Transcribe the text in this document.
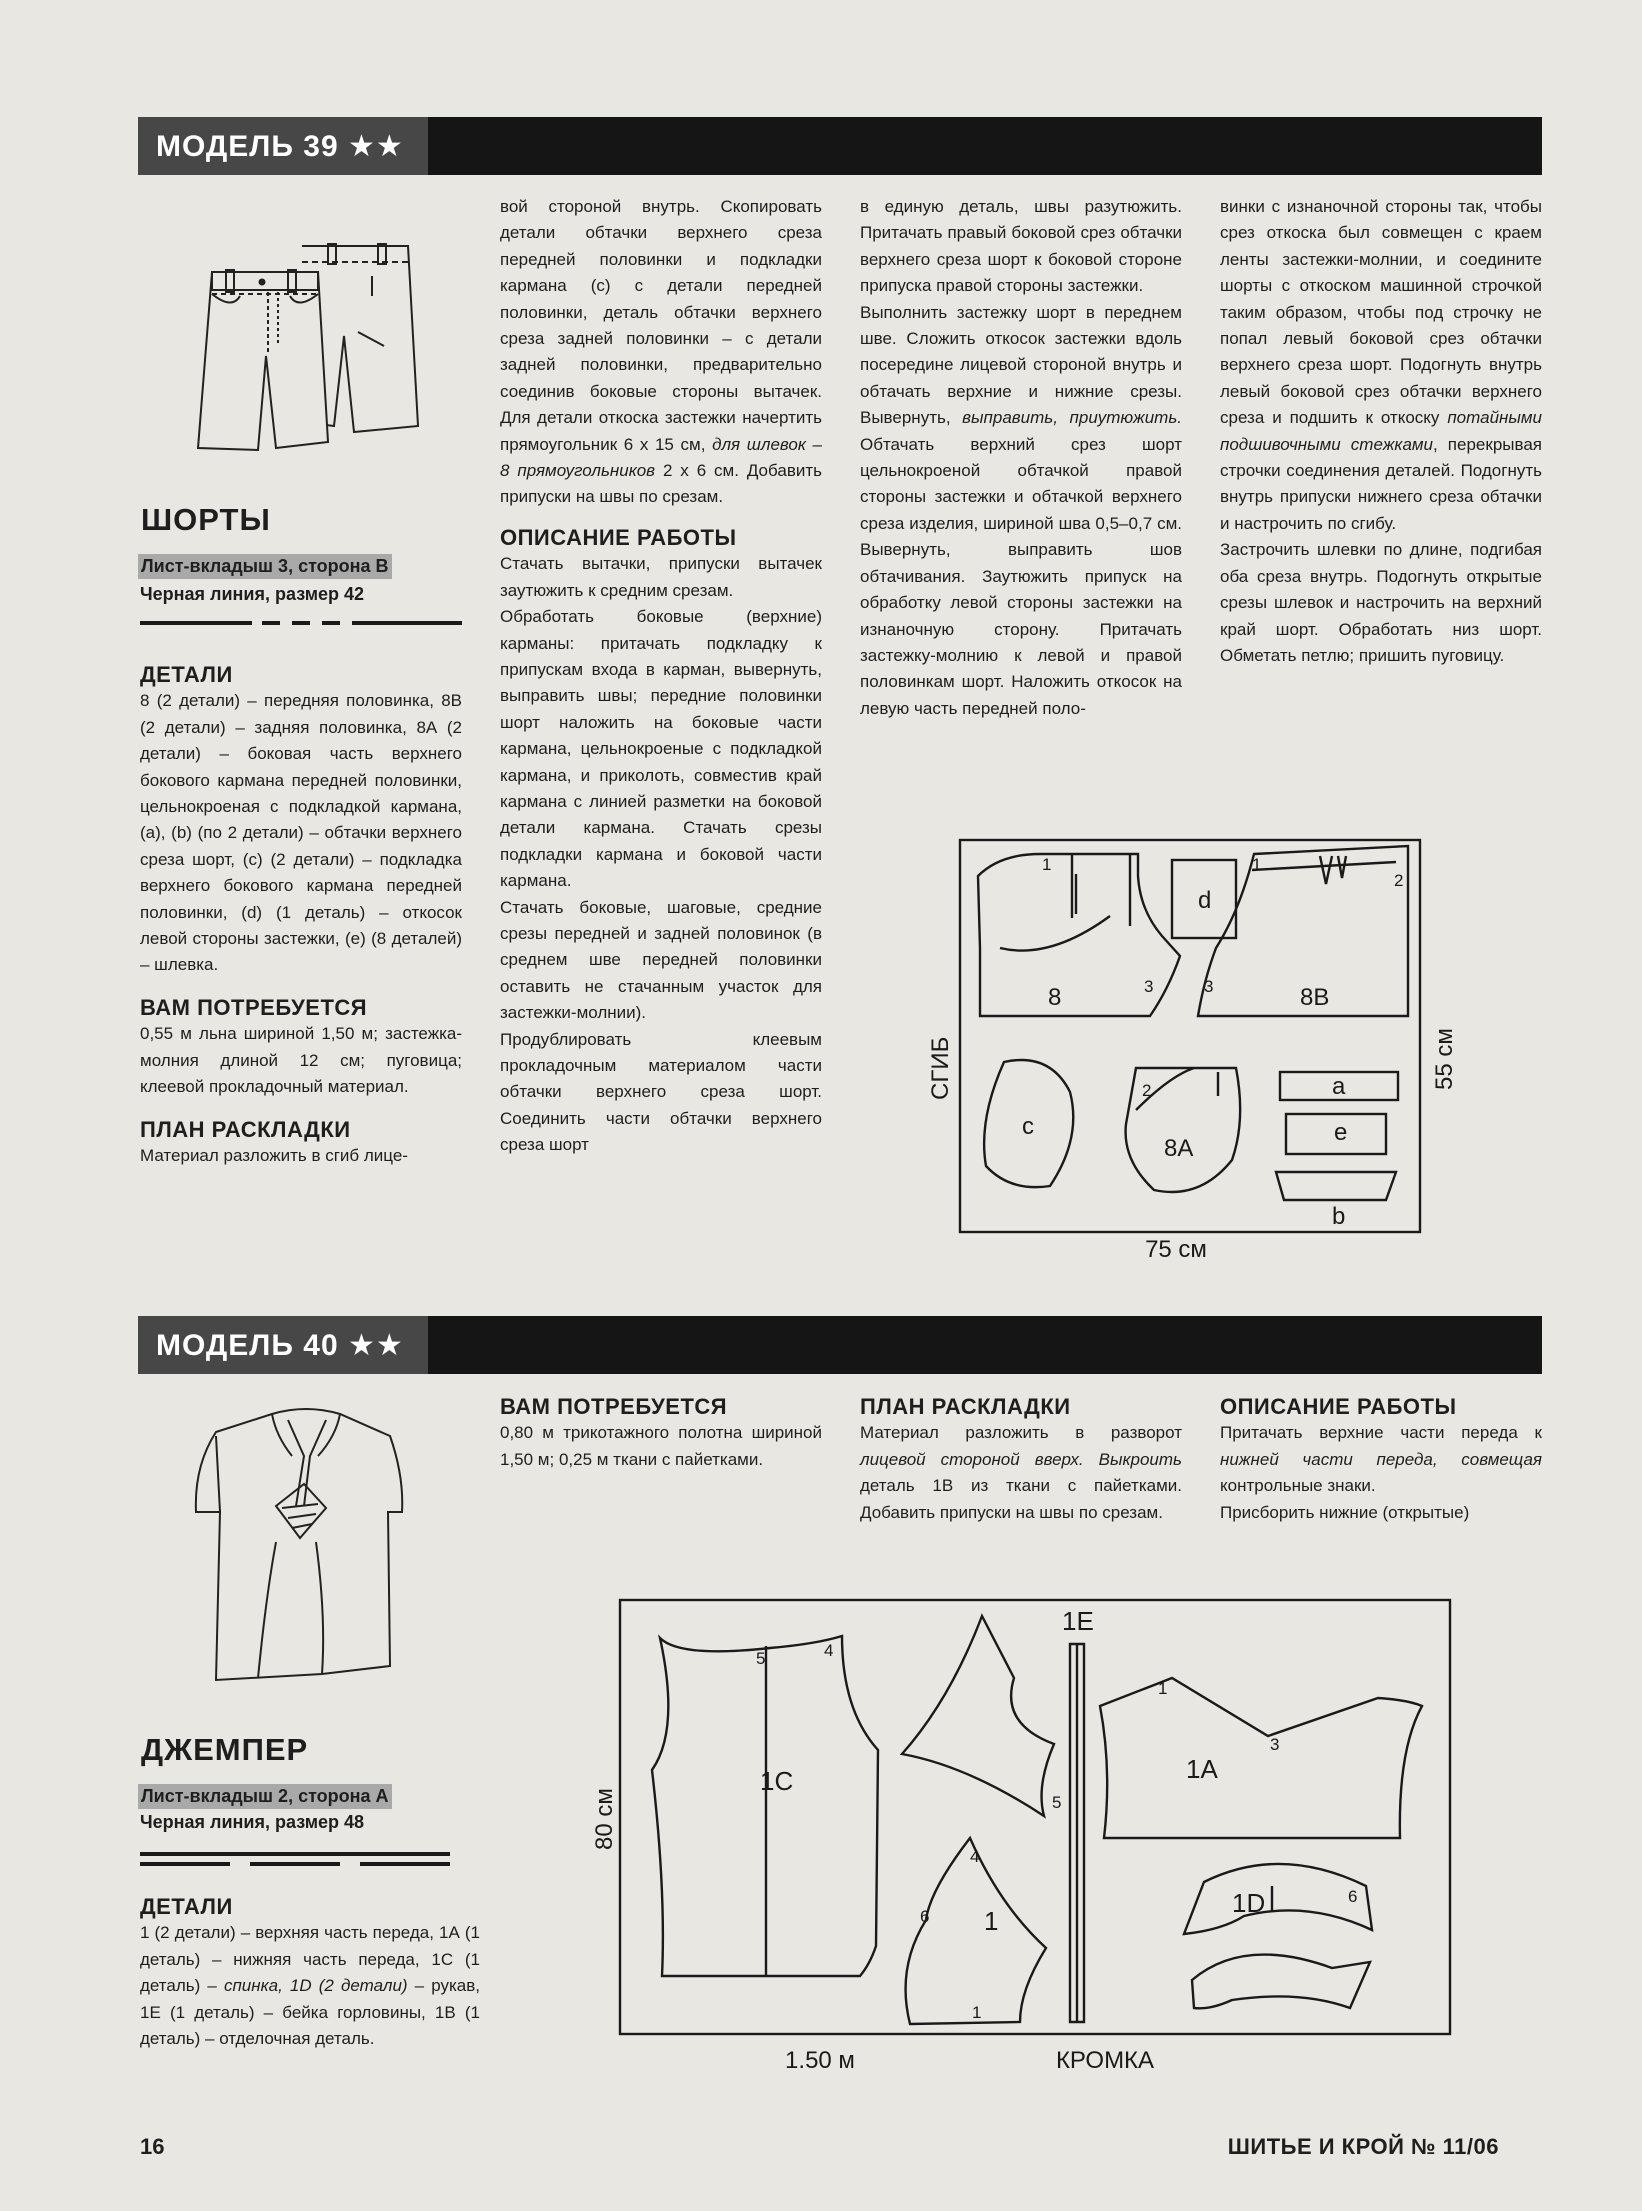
МОДЕЛЬ 39 ★★
ШОРТЫ
Лист-вкладыш 3, сторона В
Черная линия, размер 42
ДЕТАЛИ

8 (2 детали) – передняя половинка, 8В (2 детали) – задняя половинка, 8А (2 детали) – боковая часть верхнего бокового кармана передней половинки, цельнокроеная с подкладкой кармана, (а), (b) (по 2 детали) – обтачки верхнего среза шорт, (с) (2 детали) – подкладка верхнего бокового кармана передней половинки, (d) (1 деталь) – откосок левой стороны застежки, (е) (8 деталей) – шлевка.

ВАМ ПОТРЕБУЕТСЯ

0,55 м льна шириной 1,50 м; застежка-молния длиной 12 см; пуговица; клеевой прокладочный материал.

ПЛАН РАСКЛАДКИ

Материал разложить в сгиб лице-

вой стороной внутрь. Скопировать детали обтачки верхнего среза передней половинки и подкладки кармана (с) с детали передней половинки, деталь обтачки верхнего среза задней половинки – с детали задней половинки, предварительно соединив боковые стороны вытачек. Для детали откоска застежки начертить прямоугольник 6 х 15 см, для шлевок – 8 прямоугольников 2 х 6 см. Добавить припуски на швы по срезам.

ОПИСАНИЕ РАБОТЫ

Стачать вытачки, припуски вытачек заутюжить к средним срезам.

Обработать боковые (верхние) карманы: притачать подкладку к припускам входа в карман, вывернуть, выправить швы; передние половинки шорт наложить на боковые части кармана, цельнокроеные с подкладкой кармана, и приколоть, совместив край кармана с линией разметки на боковой детали кармана. Стачать срезы подкладки кармана и боковой части кармана.

Стачать боковые, шаговые, средние срезы передней и задней половинок (в среднем шве передней половинки оставить не стачанным участок для застежки-молнии).

Продублировать клеевым прокладочным материалом части обтачки верхнего среза шорт. Соединить части обтачки верхнего среза шорт

в единую деталь, швы разутюжить. Притачать правый боковой срез обтачки верхнего среза шорт к боковой стороне припуска правой стороны застежки.

Выполнить застежку шорт в переднем шве. Сложить откосок застежки вдоль посередине лицевой стороной внутрь и обтачать верхние и нижние срезы. Вывернуть, выправить, приутюжить. Обтачать верхний срез шорт цельнокроеной обтачкой правой стороны застежки и обтачкой верхнего среза изделия, шириной шва 0,5–0,7 см. Вывернуть, выправить шов обтачивания. Заутюжить припуск на обработку левой стороны застежки на изнаночную сторону. Притачать застежку-молнию к левой и правой половинкам шорт. Наложить откосок на левую часть передней поло-

винки с изнаночной стороны так, чтобы срез откоска был совмещен с краем ленты застежки-молнии, и соедините шорты с откоском машинной строчкой таким образом, чтобы под строчку не попал левый боковой срез обтачки верхнего среза шорт. Подогнуть внутрь левый боковой срез обтачки верхнего среза и подшить к откоску потайными подшивочными стежками, перекрывая строчки соединения деталей. Подогнуть внутрь припуски нижнего среза обтачки и настрочить по сгибу.

Застрочить шлевки по длине, подгибая оба среза внутрь. Подогнуть открытые срезы шлевок и настрочить на верхний край шорт. Обработать низ шорт. Обметать петлю; пришить пуговицу.

8	8B
d
c
8A
a
e
b
1
3	3
1
2
2
СГИБ	55 см
75 см
МОДЕЛЬ 40 ★★
ДЖЕМПЕР
Лист-вкладыш 2, сторона А
Черная линия, размер 48
ДЕТАЛИ

1 (2 детали) – верхняя часть переда, 1А (1 деталь) – нижняя часть переда, 1С (1 деталь) – спинка, 1D (2 детали) – рукав, 1Е (1 деталь) – бейка горловины, 1В (1 деталь) – отделочная деталь.

ВАМ ПОТРЕБУЕТСЯ

0,80 м трикотажного полотна шириной 1,50 м; 0,25 м ткани с пайетками.

ПЛАН РАСКЛАДКИ

Материал разложить в разворот лицевой стороной вверх. Выкроить деталь 1В из ткани с пайетками. Добавить припуски на швы по срезам.

ОПИСАНИЕ РАБОТЫ

Притачать верхние части переда к нижней части переда, совмещая контрольные знаки.

Присборить нижние (открытые)

1C
1
1E
1A
1D
5	4
4
6
1
5
1
3
6
80 см
1.50 м	КРОМКА
16	ШИТЬЕ И КРОЙ № 11/06
